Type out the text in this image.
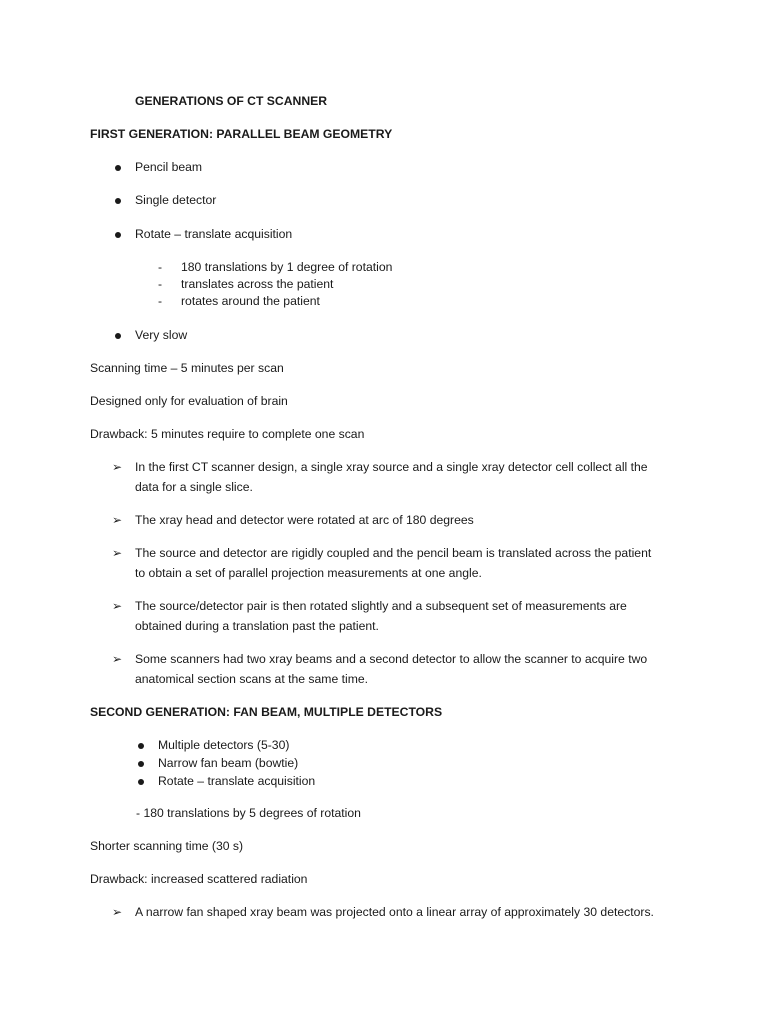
GENERATIONS OF CT SCANNER
FIRST GENERATION: PARALLEL BEAM GEOMETRY
Pencil beam
Single detector
Rotate – translate acquisition
- 180 translations by 1 degree of rotation
- translates across the patient
- rotates around the patient
Very slow
Scanning time – 5 minutes per scan
Designed only for evaluation of brain
Drawback: 5 minutes require to complete one scan
➢ In the first CT scanner design, a single xray source and a single xray detector cell collect all the
data for a single slice.
➢ The xray head and detector were rotated at arc of 180 degrees
➢ The source and detector are rigidly coupled and the pencil beam is translated across the patient
to obtain a set of parallel projection measurements at one angle.
➢ The source/detector pair is then rotated slightly and a subsequent set of measurements are
obtained during a translation past the patient.
➢ Some scanners had two xray beams and a second detector to allow the scanner to acquire two
anatomical section scans at the same time.
SECOND GENERATION: FAN BEAM, MULTIPLE DETECTORS
Multiple detectors (5-30)
Narrow fan beam (bowtie)
Rotate – translate acquisition
- 180 translations by 5 degrees of rotation
Shorter scanning time (30 s)
Drawback: increased scattered radiation
➢ A narrow fan shaped xray beam was projected onto a linear array of approximately 30 detectors.
